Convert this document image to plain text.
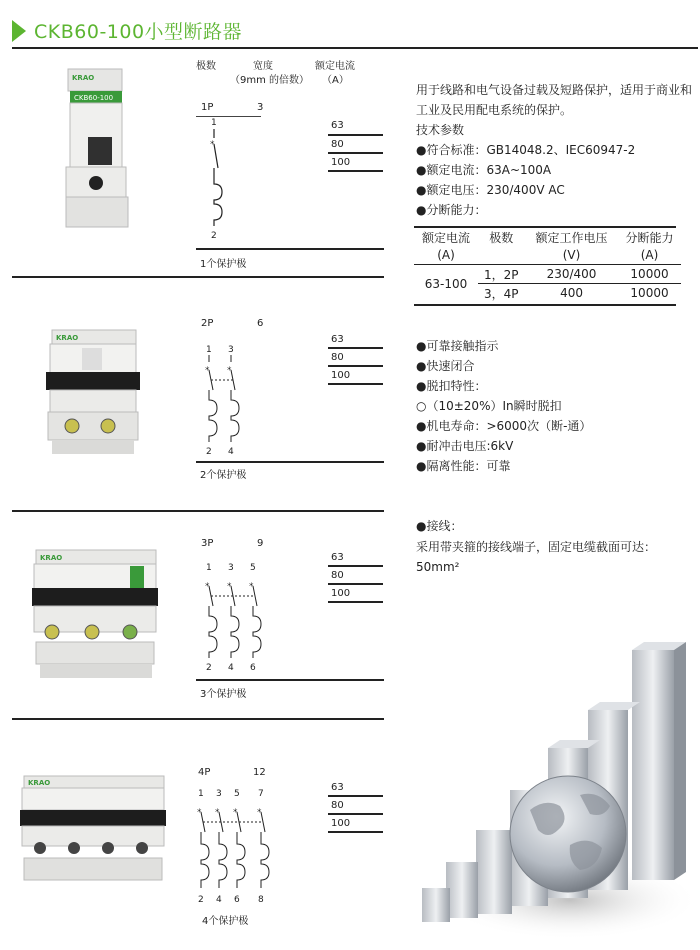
CKB60-100小型断路器
极数	宽度
（9mm 的倍数）
额定电流
（A）
CKB60-100
KRAO
1P	3
1
⁎
2
63
80
100
1个保护极
KRAO
2P	6
1 3
⁎ ⁎
2 4
63
80
100
2个保护极
KRAO
3P	9
1 3 5
⁎ ⁎ ⁎
2 4 6
63
80
100
3个保护极
KRAO
4P	12
1 3 5 7
⁎ ⁎ ⁎ ⁎
2 4 6 8
63
80
100
4个保护极
用于线路和电气设备过载及短路保护，适用于商业和工业及民用配电系统的保护。
技术参数
●符合标准：GB14048.2、IEC60947-2
●额定电流：63A~100A
●额定电压：230/400V AC
●分断能力：
额定电流	极数	额定工作电压	分断能力
(A)		(V)	(A)
63-100	1，2P	230/400	10000
	3，4P	400	10000
●可靠接触指示
●快速闭合
●脱扣特性：
○（10±20%）In瞬时脱扣
●机电寿命：>6000次（断-通）
●耐冲击电压:6kV
●隔离性能：可靠
●接线：
采用带夹箍的接线端子，固定电缆截面可达：
50mm²
